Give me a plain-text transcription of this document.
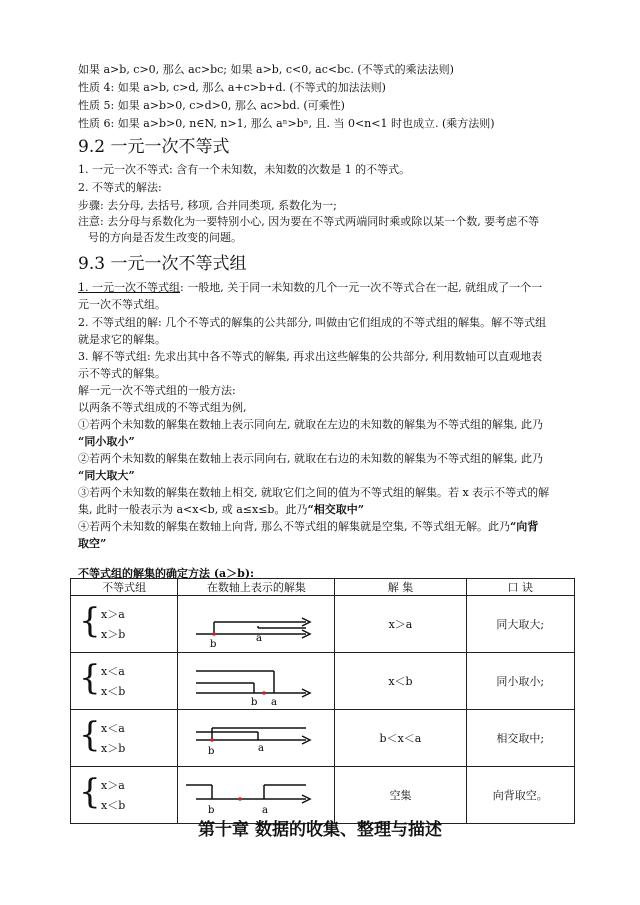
如果 a>b, c>0, 那么 ac>bc; 如果 a>b, c<0, ac<bc. (不等式的乘法法则)
性质 4: 如果 a>b, c>d, 那么 a+c>b+d. (不等式的加法法则)
性质 5: 如果 a>b>0, c>d>0, 那么 ac>bd. (可乘性)
性质 6: 如果 a>b>0, n∈N, n>1, 那么 aⁿ>bⁿ, 且. 当 0<n<1 时也成立. (乘方法则)
9.2 一元一次不等式
1. 一元一次不等式: 含有一个未知数，未知数的次数是 1 的不等式。
2. 不等式的解法:
步骤: 去分母, 去括号, 移项, 合并同类项, 系数化为一;
注意: 去分母与系数化为一要特别小心, 因为要在不等式两端同时乘或除以某一个数, 要考虑不等
号的方向是否发生改变的问题。
9.3 一元一次不等式组
1. 一元一次不等式组: 一般地, 关于同一未知数的几个一元一次不等式合在一起, 就组成了一个一
元一次不等式组。
2. 不等式组的解: 几个不等式的解集的公共部分, 叫做由它们组成的不等式组的解集。解不等式组
就是求它的解集。
3. 解不等式组: 先求出其中各不等式的解集, 再求出这些解集的公共部分, 利用数轴可以直观地表
示不等式的解集。
解一元一次不等式组的一般方法:
以两条不等式组成的不等式组为例,
①若两个未知数的解集在数轴上表示同向左, 就取在左边的未知数的解集为不等式组的解集, 此乃
“同小取小”
②若两个未知数的解集在数轴上表示同向右, 就取在右边的未知数的解集为不等式组的解集, 此乃
“同大取大”
③若两个未知数的解集在数轴上相交, 就取它们之间的值为不等式组的解集。若 x 表示不等式的解
集, 此时一般表示为 a<x<b, 或 a≤x≤b。此乃“相交取中”
④若两个未知数的解集在数轴上向背, 那么不等式组的解集就是空集, 不等式组无解。此乃“向背
取空”
不等式组的解集的确定方法 (a＞b):
不等式组	在数轴上表示的解集	解 集	口 诀

{ x＞a
x＞b	b
a	x＞a	同大取大;

{ x＜a
x＜b	b a	x＜b	同小取小;

{ x＜a
x＞b	b a	b＜x＜a	相交取中;

{ x＞a
x＜b	b a	空集	向背取空。
第十章 数据的收集、整理与描述
